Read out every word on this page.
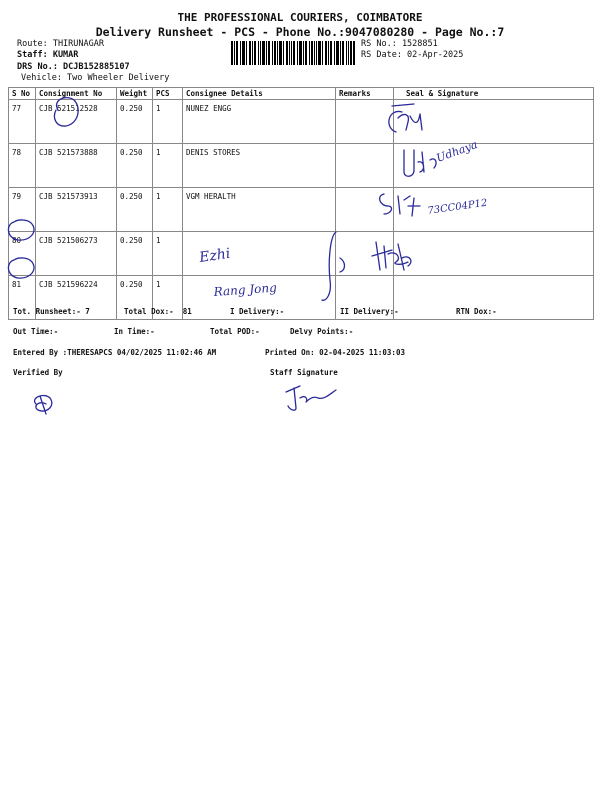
THE PROFESSIONAL COURIERS, COIMBATORE
Delivery Runsheet - PCS - Phone No.:9047080280 - Page No.:7
Route: THIRUNAGAR
Staff: KUMAR
DRS No.: DCJB152885107
Vehicle: Two Wheeler Delivery
RS No.: 1528851
RS Date: 02-Apr-2025
S No	Consignment No	Weight	PCS	Consignee Details	Remarks	Seal & Signature
77	CJB 521512528	0.250	1	NUNEZ ENGG		
78	CJB 521573888	0.250	1	DENIS STORES		
79	CJB 521573913	0.250	1	VGM HERALTH		
80	CJB 521506273	0.250	1			
81	CJB 521596224	0.250	1			
Tot. Runsheet:- 7	Total Dox:-  81	I Delivery:-	II Delivery:-	RTN Dox:-
Out Time:-	In Time:-	Total POD:-	Delvy Points:-
Entered By :THERESAPCS 04/02/2025 11:02:46 AM	Printed On: 02-04-2025 11:03:03
Verified By	Staff Signature
Udhaya
73CC04P12
Ezhi
Rang Jong
